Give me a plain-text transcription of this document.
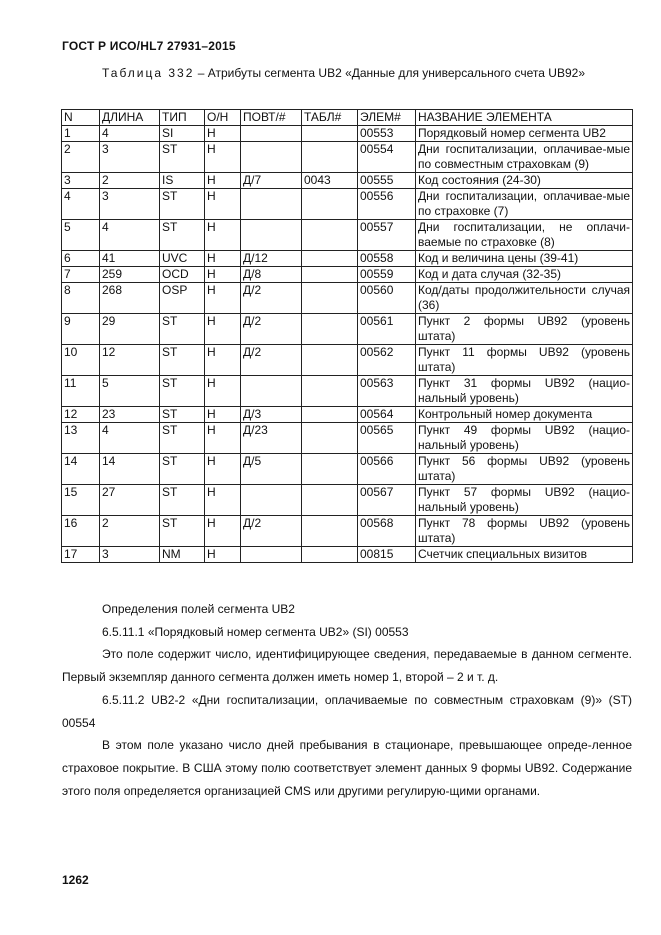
ГОСТ Р ИСО/HL7 27931–2015
Таблица 332 – Атрибуты сегмента UB2 «Данные для универсального счета UB92»
N	ДЛИНА	ТИП	О/Н	ПОВТ/#	ТАБЛ#	ЭЛЕМ#	НАЗВАНИЕ ЭЛЕМЕНТА
1	4	SI	Н			00553	Порядковый номер сегмента UB2
2	3	ST	Н			00554	Дни госпитализации, оплачивае-мые по совместным страховкам (9)
3	2	IS	Н	Д/7	0043	00555	Код состояния (24-30)
4	3	ST	Н			00556	Дни госпитализации, оплачивае-мые по страховке (7)
5	4	ST	Н			00557	Дни госпитализации, не оплачи-ваемые по страховке (8)
6	41	UVC	Н	Д/12		00558	Код и величина цены (39-41)
7	259	OCD	Н	Д/8		00559	Код и дата случая (32-35)
8	268	OSP	Н	Д/2		00560	Код/даты продолжительности случая (36)
9	29	ST	Н	Д/2		00561	Пункт 2 формы UB92 (уровень штата)
10	12	ST	Н	Д/2		00562	Пункт 11 формы UB92 (уровень штата)
11	5	ST	Н			00563	Пункт 31 формы UB92 (нацио-нальный уровень)
12	23	ST	Н	Д/3		00564	Контрольный номер документа
13	4	ST	Н	Д/23		00565	Пункт 49 формы UB92 (нацио-нальный уровень)
14	14	ST	Н	Д/5		00566	Пункт 56 формы UB92 (уровень штата)
15	27	ST	Н			00567	Пункт 57 формы UB92 (нацио-нальный уровень)
16	2	ST	Н	Д/2		00568	Пункт 78 формы UB92 (уровень штата)
17	3	NM	Н			00815	Счетчик специальных визитов

Определения полей сегмента UB2

6.5.11.1 «Порядковый номер сегмента UB2» (SI) 00553

Это поле содержит число, идентифицирующее сведения, передаваемые в данном сегменте. Первый экземпляр данного сегмента должен иметь номер 1, второй – 2 и т. д.

6.5.11.2 UB2-2 «Дни госпитализации, оплачиваемые по совместным страховкам (9)» (ST) 00554

В этом поле указано число дней пребывания в стационаре, превышающее опреде-ленное страховое покрытие. В США этому полю соответствует элемент данных 9 формы UB92. Содержание этого поля определяется организацией CMS или другими регулирую-щими органами.

1262
